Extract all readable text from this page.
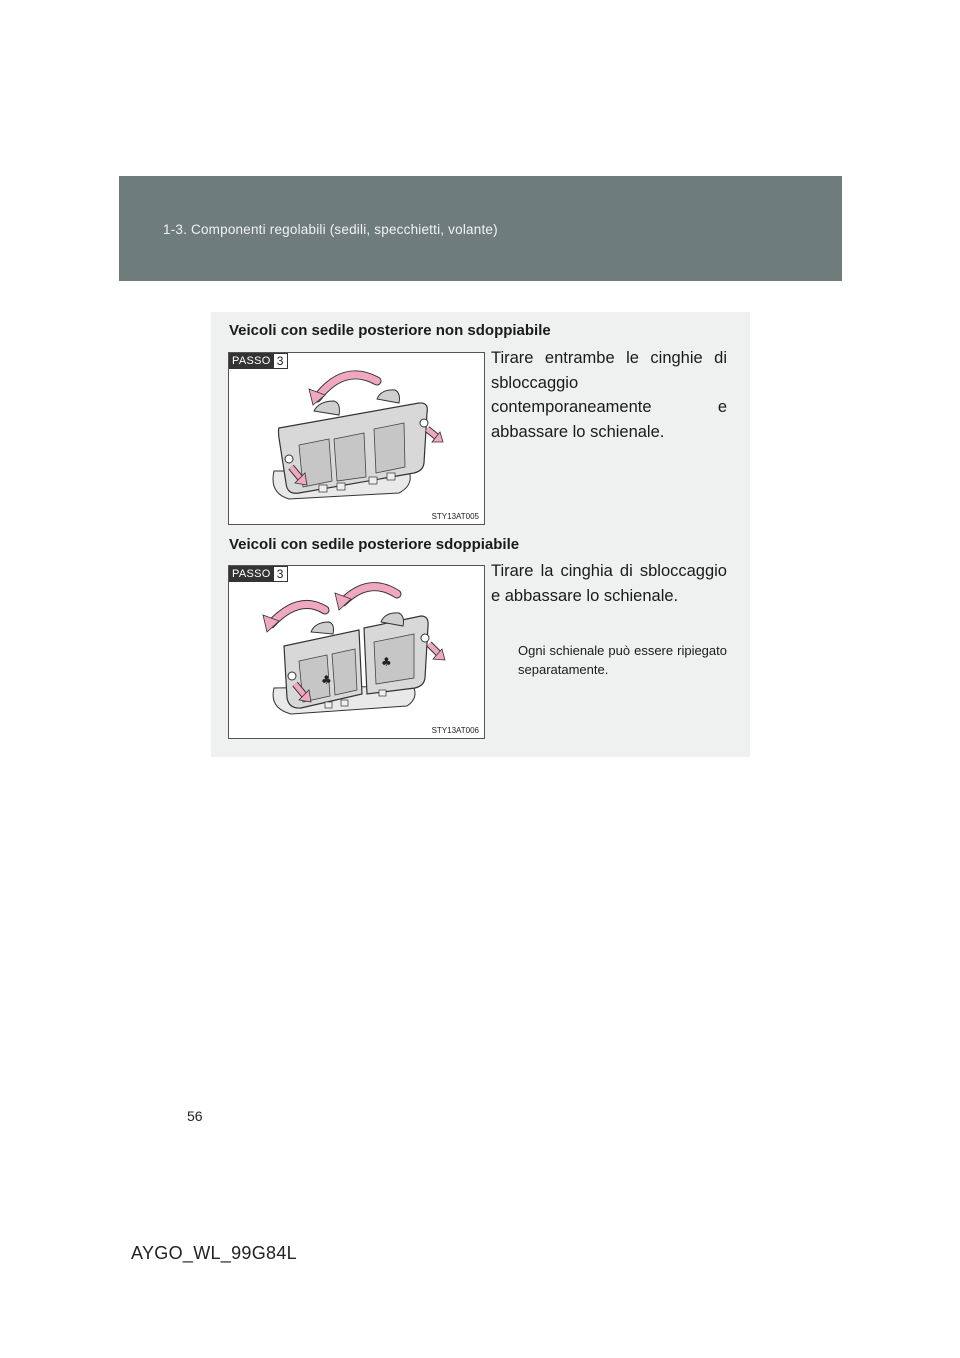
1-3. Componenti regolabili (sedili, specchietti, volante)
Veicoli con sedile posteriore non sdoppiabile
PASSO 3
STY13AT005
Tirare entrambe le cinghie di sbloccaggio contemporaneamente e abbassare lo schienale.
Veicoli con sedile posteriore sdoppiabile
♣
♣
PASSO 3
STY13AT006
Tirare la cinghia di sbloccaggio e abbassare lo schienale.
Ogni schienale può essere ripiegato separatamente.
56
AYGO_WL_99G84L
